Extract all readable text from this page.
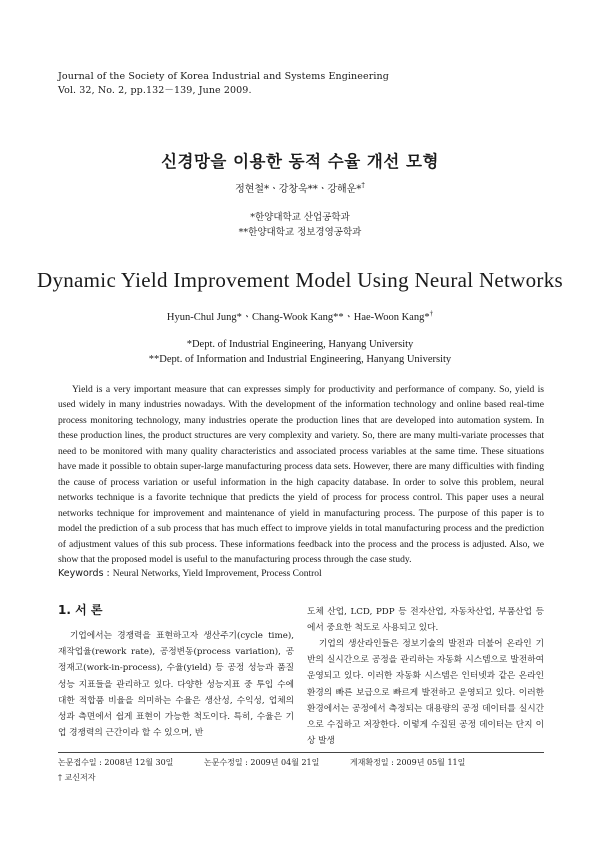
Journal of the Society of Korea Industrial and Systems Engineering
Vol. 32, No. 2, pp.132－139, June 2009.
신경망을 이용한 동적 수율 개선 모형
정현철*ㆍ강창욱**ㆍ강해운*†
*한양대학교 산업공학과
**한양대학교 정보경영공학과
Dynamic Yield Improvement Model Using Neural Networks
Hyun-Chul Jung*ㆍChang-Wook Kang**ㆍHae-Woon Kang*†
*Dept. of Industrial Engineering, Hanyang University
**Dept. of Information and Industrial Engineering, Hanyang University

Yield is a very important measure that can expresses simply for productivity and performance of company. So, yield is used widely in many industries nowadays. With the development of the information technology and online based real-time process monitoring technology, many industries operate the production lines that are developed into automation system. In these production lines, the product structures are very complexity and variety. So, there are many multi-variate processes that need to be monitored with many quality characteristics and associated process variables at the same time. These situations have made it possible to obtain super-large manufacturing process data sets. However, there are many difficulties with finding the cause of process variation or useful information in the high capacity database. In order to solve this problem, neural networks technique is a favorite technique that predicts the yield of process for process control. This paper uses a neural networks technique for improvement and maintenance of yield in manufacturing process. The purpose of this paper is to model the prediction of a sub process that has much effect to improve yields in total manufacturing process and the prediction of adjustment values of this sub process. These informations feedback into the process and the process is adjusted. Also, we show that the proposed model is useful to the manufacturing process through the case study.

Keywords : Neural Networks, Yield Improvement, Process Control
1. 서 론

기업에서는 경쟁력을 표현하고자 생산주기(cycle time), 재작업율(rework rate), 공정변동(process variation), 공정재고(work-in-process), 수율(yield) 등 공정 성능과 품질 성능 지표들을 관리하고 있다. 다양한 성능지표 중 투입 수에 대한 적합품 비율을 의미하는 수율은 생산성, 수익성, 업체의 성과 측면에서 쉽게 표현이 가능한 척도이다. 특히, 수율은 기업 경쟁력의 근간이라 할 수 있으며, 반

도체 산업, LCD, PDP 등 전자산업, 자동차산업, 부품산업 등에서 중요한 척도로 사용되고 있다.

기업의 생산라인들은 정보기술의 발전과 더불어 온라인 기반의 실시간으로 공정을 관리하는 자동화 시스템으로 발전하여 운영되고 있다. 이러한 자동화 시스템은 인터넷과 같은 온라인 환경의 빠른 보급으로 빠르게 발전하고 운영되고 있다. 이러한 환경에서는 공정에서 측정되는 대용량의 공정 데이터를 실시간으로 수집하고 저장한다. 이렇게 수집된 공정 데이터는 단지 이상 발생

논문접수일 : 2008년 12월 30일	논문수정일 : 2009년 04월 21일	게재확정일 : 2009년 05월 11일
† 교신저자
